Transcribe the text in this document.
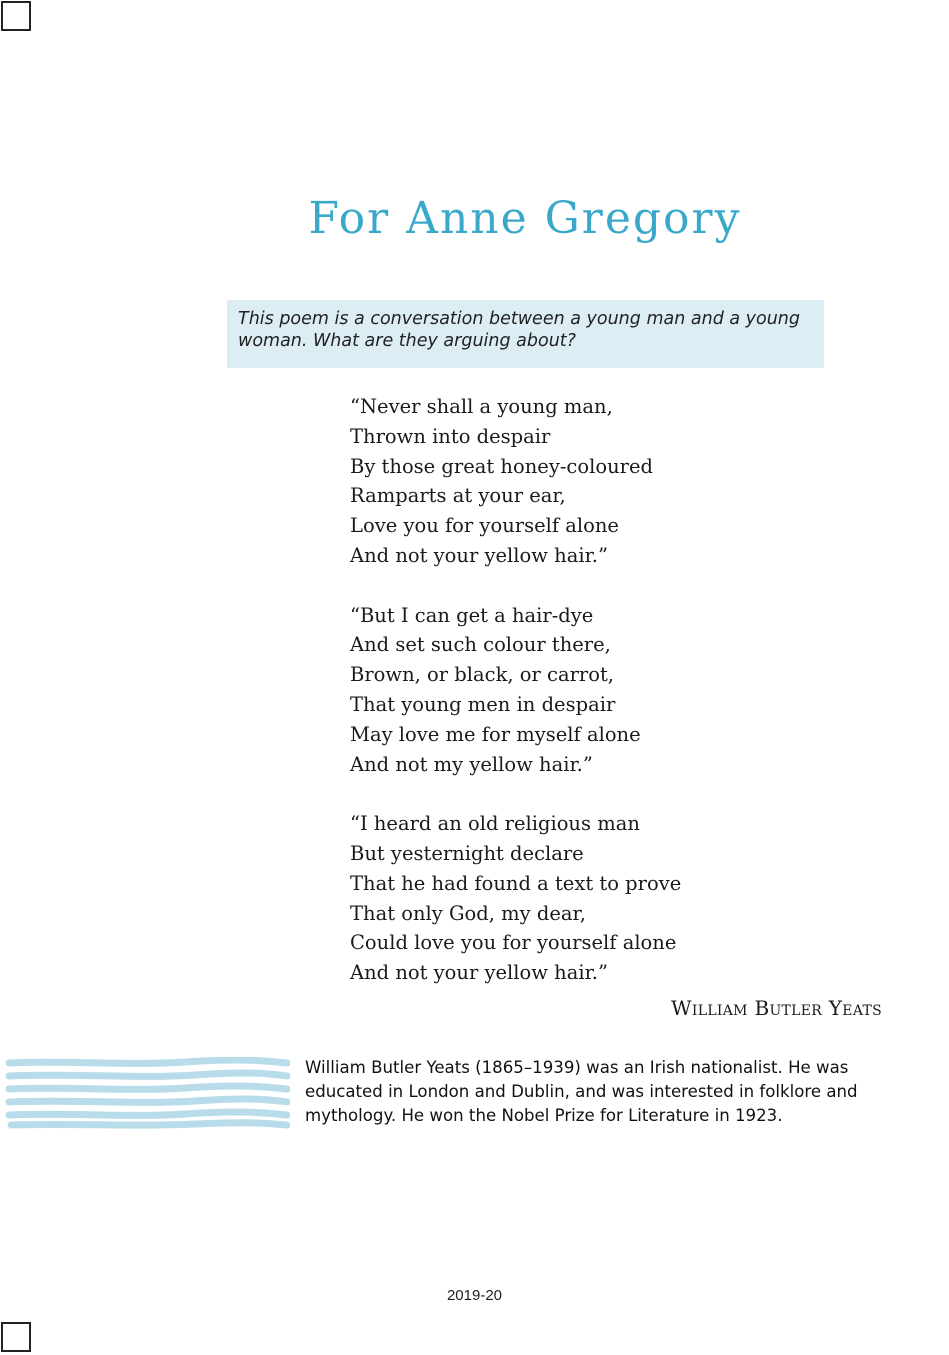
For Anne Gregory
This poem is a conversation between a young man and a young woman. What are they arguing about?
“Never shall a young man,
Thrown into despair
By those great honey-coloured
Ramparts at your ear,
Love you for yourself alone
And not your yellow hair.”
“But I can get a hair-dye
And set such colour there,
Brown, or black, or carrot,
That young men in despair
May love me for myself alone
And not my yellow hair.”
“I heard an old religious man
But yesternight declare
That he had found a text to prove
That only God, my dear,
Could love you for yourself alone
And not your yellow hair.”
William Butler Yeats
William Butler Yeats (1865–1939) was an Irish nationalist. He was educated in London and Dublin, and was interested in folklore and mythology. He won the Nobel Prize for Literature in 1923.
2019-20
